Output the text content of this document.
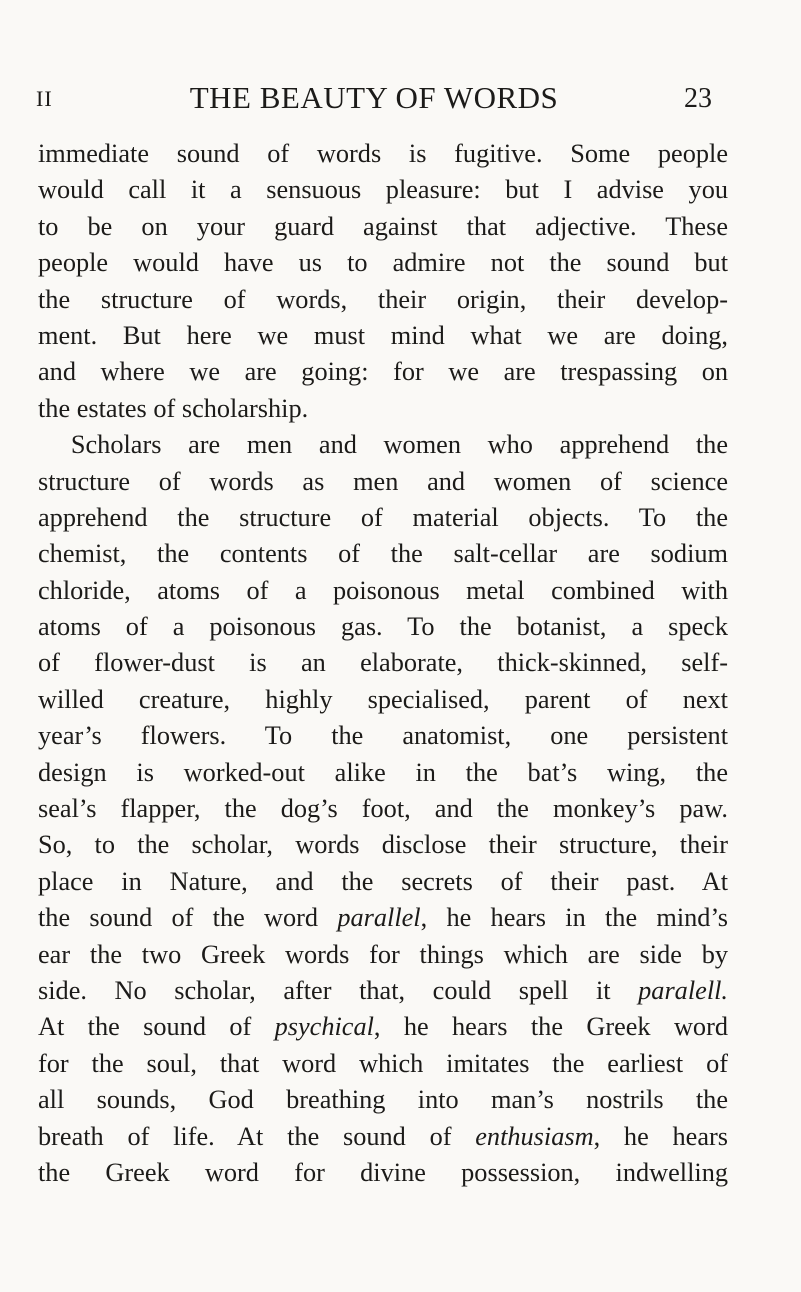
II	THE BEAUTY OF WORDS	23
immediate sound of words is fugitive. Some people
would call it a sensuous pleasure: but I advise you
to be on your guard against that adjective. These
people would have us to admire not the sound but
the structure of words, their origin, their develop-
ment. But here we must mind what we are doing,
and where we are going: for we are trespassing on
the estates of scholarship.
Scholars are men and women who apprehend the
structure of words as men and women of science
apprehend the structure of material objects. To the
chemist, the contents of the salt-cellar are sodium
chloride, atoms of a poisonous metal combined with
atoms of a poisonous gas. To the botanist, a speck
of flower-dust is an elaborate, thick-skinned, self-
willed creature, highly specialised, parent of next
year’s flowers. To the anatomist, one persistent
design is worked-out alike in the bat’s wing, the
seal’s flapper, the dog’s foot, and the monkey’s paw.
So, to the scholar, words disclose their structure, their
place in Nature, and the secrets of their past. At
the sound of the word parallel, he hears in the mind’s
ear the two Greek words for things which are side by
side. No scholar, after that, could spell it paralell.
At the sound of psychical, he hears the Greek word
for the soul, that word which imitates the earliest of
all sounds, God breathing into man’s nostrils the
breath of life. At the sound of enthusiasm, he hears
the Greek word for divine possession, indwelling
